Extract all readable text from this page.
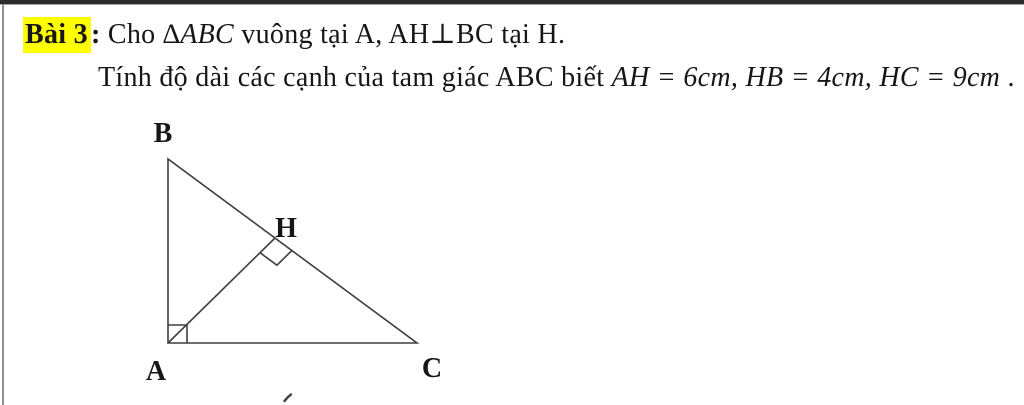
Bài 3 : Cho ∆ABC vuông tại A, AH⊥BC tại H.

Tính độ dài các cạnh của tam giác ABC biết AH = 6cm, HB = 4cm, HC = 9cm .

B
H
A	C
